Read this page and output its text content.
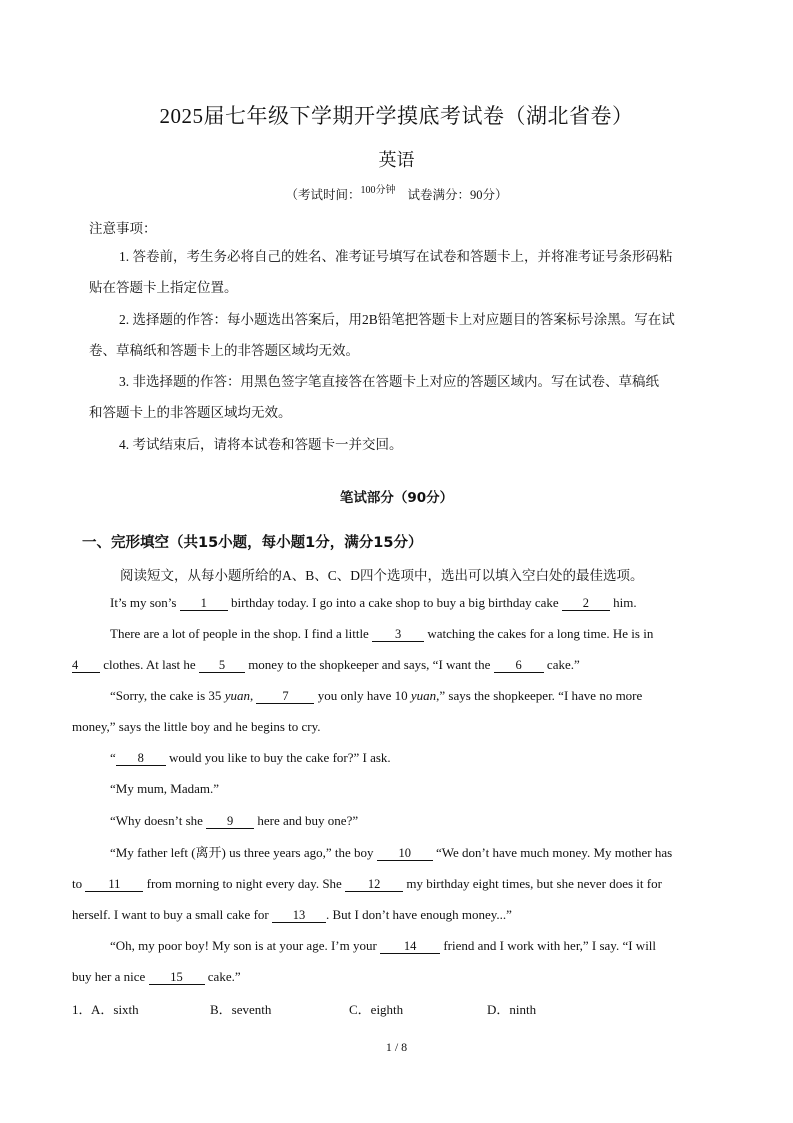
2025届七年级下学期开学摸底考试卷（湖北省卷）
英语
（考试时间：$^{100分钟}$ 试卷满分：90分）
注意事项：
1. 答卷前，考生务必将自己的姓名、准考证号填写在试卷和答题卡上，并将准考证号条形码粘
贴在答题卡上指定位置。
2. 选择题的作答：每小题选出答案后，用2B铅笔把答题卡上对应题目的答案标号涂黑。写在试
卷、草稿纸和答题卡上的非答题区域均无效。
3. 非选择题的作答：用黑色签字笔直接答在答题卡上对应的答题区域内。写在试卷、草稿纸
和答题卡上的非答题区域均无效。
4. 考试结束后，请将本试卷和答题卡一并交回。
笔试部分（90分）
一、完形填空（共15小题，每小题1分，满分15分）
阅读短文，从每小题所给的A、B、C、D四个选项中，选出可以填入空白处的最佳选项。
It’s my son’s 1 birthday today. I go into a cake shop to buy a big birthday cake 2 him.
There are a lot of people in the shop. I find a little 3 watching the cakes for a long time. He is in
4 clothes. At last he 5 money to the shopkeeper and says, “I want the 6 cake.”
“Sorry, the cake is 35 yuan, 7 you only have 10 yuan,” says the shopkeeper. “I have no more
money,” says the little boy and he begins to cry.
“ 8 would you like to buy the cake for?” I ask.
“My mum, Madam.”
“Why doesn’t she 9 here and buy one?”
“My father left (离开) us three years ago,” the boy 10 “We don’t have much money. My mother has
to 11 from morning to night every day. She 12 my birthday eight times, but she never does it for
herself. I want to buy a small cake for 13 . But I don’t have enough money...”
“Oh, my poor boy! My son is at your age. I’m your 14 friend and I work with her,” I say. “I will
buy her a nice 15 cake.”
1． A．sixth	B．seventh	C．eighth	D．ninth
1 / 8
